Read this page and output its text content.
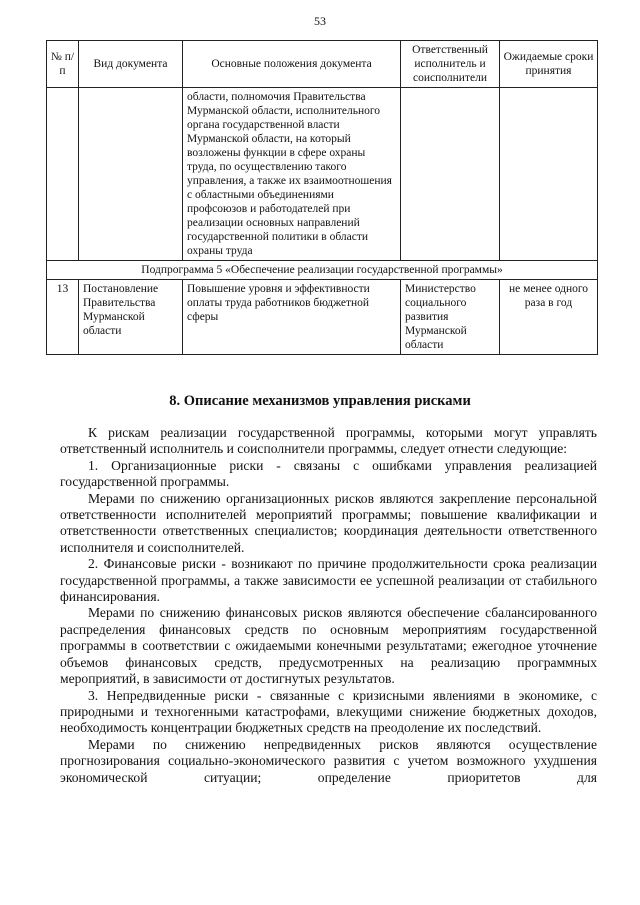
53
№ п/п	Вид документа	Основные положения документа	Ответственный исполнитель и соисполнители	Ожидаемые сроки принятия
		области, полномочия Правительства Мурманской области, исполнительного органа государственной власти Мурманской области, на который возложены функции в сфере охраны труда, по осуществлению такого управления, а также их взаимоотношения с областными объединениями профсоюзов и работодателей при реализации основных направлений государственной политики в области охраны труда		
Подпрограмма 5 «Обеспечение реализации государственной программы»				
13	Постановление Правительства Мурманской области	Повышение уровня и эффективности оплаты труда работников бюджетной сферы	Министерство социального развития Мурманской области	не менее одного раза в год
8. Описание механизмов управления рисками

К рискам реализации государственной программы, которыми могут управлять ответственный исполнитель и соисполнители программы, следует отнести следующие:

1. Организационные риски - связаны с ошибками управления реализацией государственной программы.

Мерами по снижению организационных рисков являются закрепление персональной ответственности исполнителей мероприятий программы; повышение квалификации и ответственности ответственных специалистов; координация деятельности ответственного исполнителя и соисполнителей.

2. Финансовые риски - возникают по причине продолжительности срока реализации государственной программы, а также зависимости ее успешной реализации от стабильного финансирования.

Мерами по снижению финансовых рисков являются обеспечение сбалансированного распределения финансовых средств по основным мероприятиям государственной программы в соответствии с ожидаемыми конечными результатами; ежегодное уточнение объемов финансовых средств, предусмотренных на реализацию программных мероприятий, в зависимости от достигнутых результатов.

3. Непредвиденные риски - связанные с кризисными явлениями в экономике, с природными и техногенными катастрофами, влекущими снижение бюджетных доходов, необходимость концентрации бюджетных средств на преодоление их последствий.

Мерами по снижению непредвиденных рисков являются осуществление прогнозирования социально-экономического развития с учетом возможного ухудшения экономической ситуации; определение приоритетов для
